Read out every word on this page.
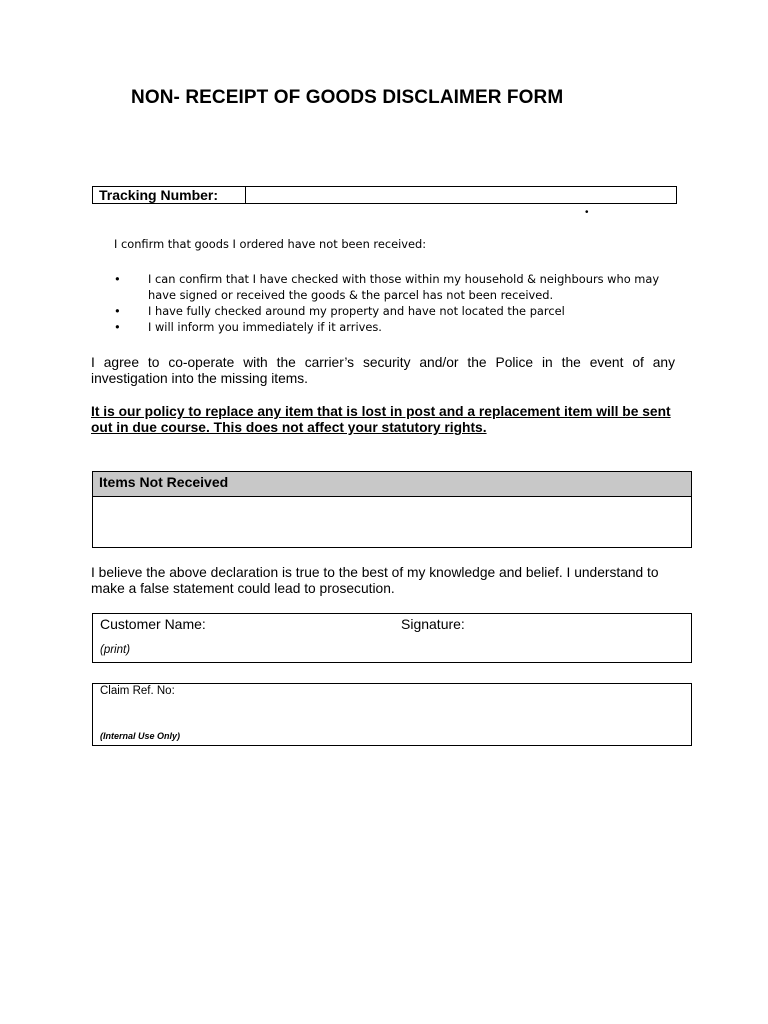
NON- RECEIPT OF GOODS DISCLAIMER FORM
Tracking Number:
•
I confirm that goods I ordered have not been received:
• I can confirm that I have checked with those within my household & neighbours who may have signed or received the goods & the parcel has not been received.
• I have fully checked around my property and have not located the parcel
• I will inform you immediately if it arrives.
I agree to co-operate with the carrier’s security and/or the Police in the event of any investigation into the missing items.
It is our policy to replace any item that is lost in post and a replacement item will be sent out in due course. This does not affect your statutory rights.
Items Not Received
I believe the above declaration is true to the best of my knowledge and belief. I understand to make a false statement could lead to prosecution.
Customer Name:	Signature:
(print)
Claim Ref. No:
(Internal Use Only)
